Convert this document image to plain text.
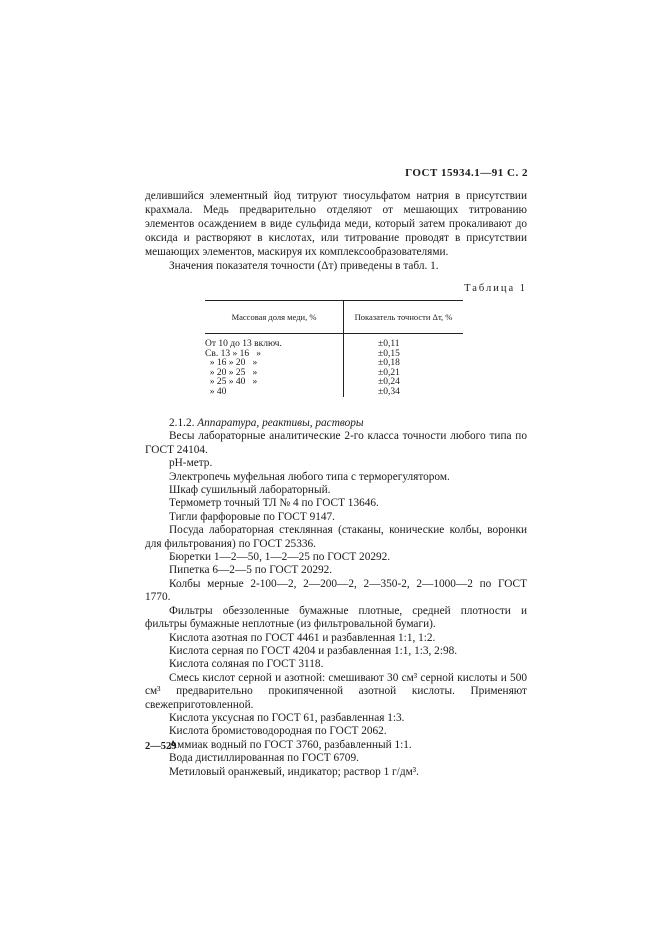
ГОСТ 15934.1—91 С. 2

делившийся элементный йод титруют тиосульфатом натрия в присутствии крахмала. Медь предварительно отделяют от мешающих титрованию элементов осаждением в виде сульфида меди, который затем прокаливают до оксида и растворяют в кислотах, или титрование проводят в присутствии мешающих элементов, маскируя их комплексообразователями.

Значения показателя точности (Δт) приведены в табл. 1.

Таблица 1
Массовая доля меди, %	Показатель точности Δт, %
От 10 до 13 включ.
Св. 13 » 16   »
» 16 » 20   »
» 20 » 25   »
» 25 » 40   »
» 40
±0,11
±0,15
±0,18
±0,21
±0,24
±0,34

2.1.2. Аппаратура, реактивы, растворы

Весы лабораторные аналитические 2-го класса точности любого типа по ГОСТ 24104.

pH-метр.

Электропечь муфельная любого типа с терморегулятором.

Шкаф сушильный лабораторный.

Термометр точный ТЛ № 4 по ГОСТ 13646.

Тигли фарфоровые по ГОСТ 9147.

Посуда лабораторная стеклянная (стаканы, конические колбы, воронки для фильтрования) по ГОСТ 25336.

Бюретки 1—2—50, 1—2—25 по ГОСТ 20292.

Пипетка 6—2—5 по ГОСТ 20292.

Колбы мерные 2-100—2, 2—200—2, 2—350-2, 2—1000—2 по ГОСТ 1770.

Фильтры обеззоленные бумажные плотные, средней плотности и фильтры бумажные неплотные (из фильтровальной бумаги).

Кислота азотная по ГОСТ 4461 и разбавленная 1:1, 1:2.

Кислота серная по ГОСТ 4204 и разбавленная 1:1, 1:3, 2:98.

Кислота соляная по ГОСТ 3118.

Смесь кислот серной и азотной: смешивают 30 см³ серной кислоты и 500 см³ предварительно прокипяченной азотной кислоты. Применяют свежеприготовленной.

Кислота уксусная по ГОСТ 61, разбавленная 1:3.

Кислота бромистоводородная по ГОСТ 2062.

Аммиак водный по ГОСТ 3760, разбавленный 1:1.

Вода дистиллированная по ГОСТ 6709.

Метиловый оранжевый, индикатор; раствор 1 г/дм³.

2—529
